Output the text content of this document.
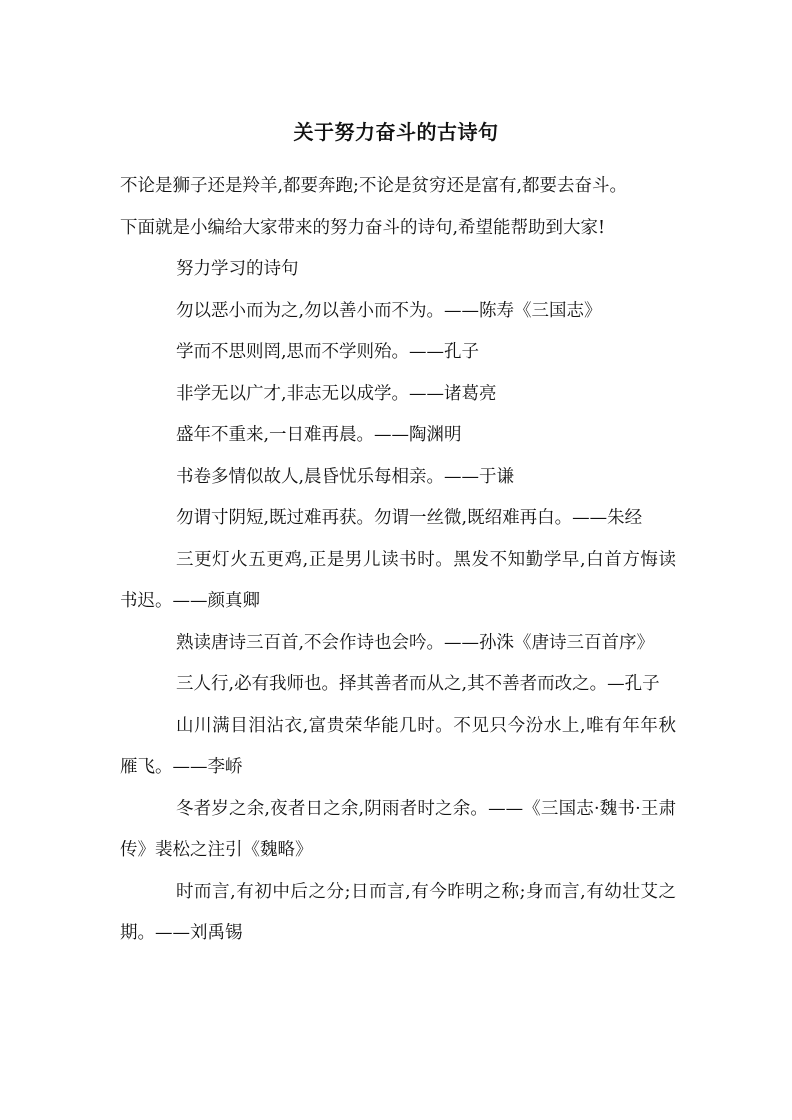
关于努力奋斗的古诗句

不论是狮子还是羚羊,都要奔跑;不论是贫穷还是富有,都要去奋斗。

下面就是小编给大家带来的努力奋斗的诗句,希望能帮助到大家!

努力学习的诗句

勿以恶小而为之,勿以善小而不为。——陈寿《三国志》

学而不思则罔,思而不学则殆。——孔子

非学无以广才,非志无以成学。——诸葛亮

盛年不重来,一日难再晨。——陶渊明

书卷多情似故人,晨昏忧乐每相亲。——于谦

勿谓寸阴短,既过难再获。勿谓一丝微,既绍难再白。——朱经

三更灯火五更鸡,正是男儿读书时。黑发不知勤学早,白首方悔读书迟。——颜真卿

熟读唐诗三百首,不会作诗也会吟。——孙洙《唐诗三百首序》

三人行,必有我师也。择其善者而从之,其不善者而改之。—孔子

山川满目泪沾衣,富贵荣华能几时。不见只今汾水上,唯有年年秋雁飞。——李峤

冬者岁之余,夜者日之余,阴雨者时之余。——《三国志·魏书·王肃传》裴松之注引《魏略》

时而言,有初中后之分;日而言,有今昨明之称;身而言,有幼壮艾之期。——刘禹锡
